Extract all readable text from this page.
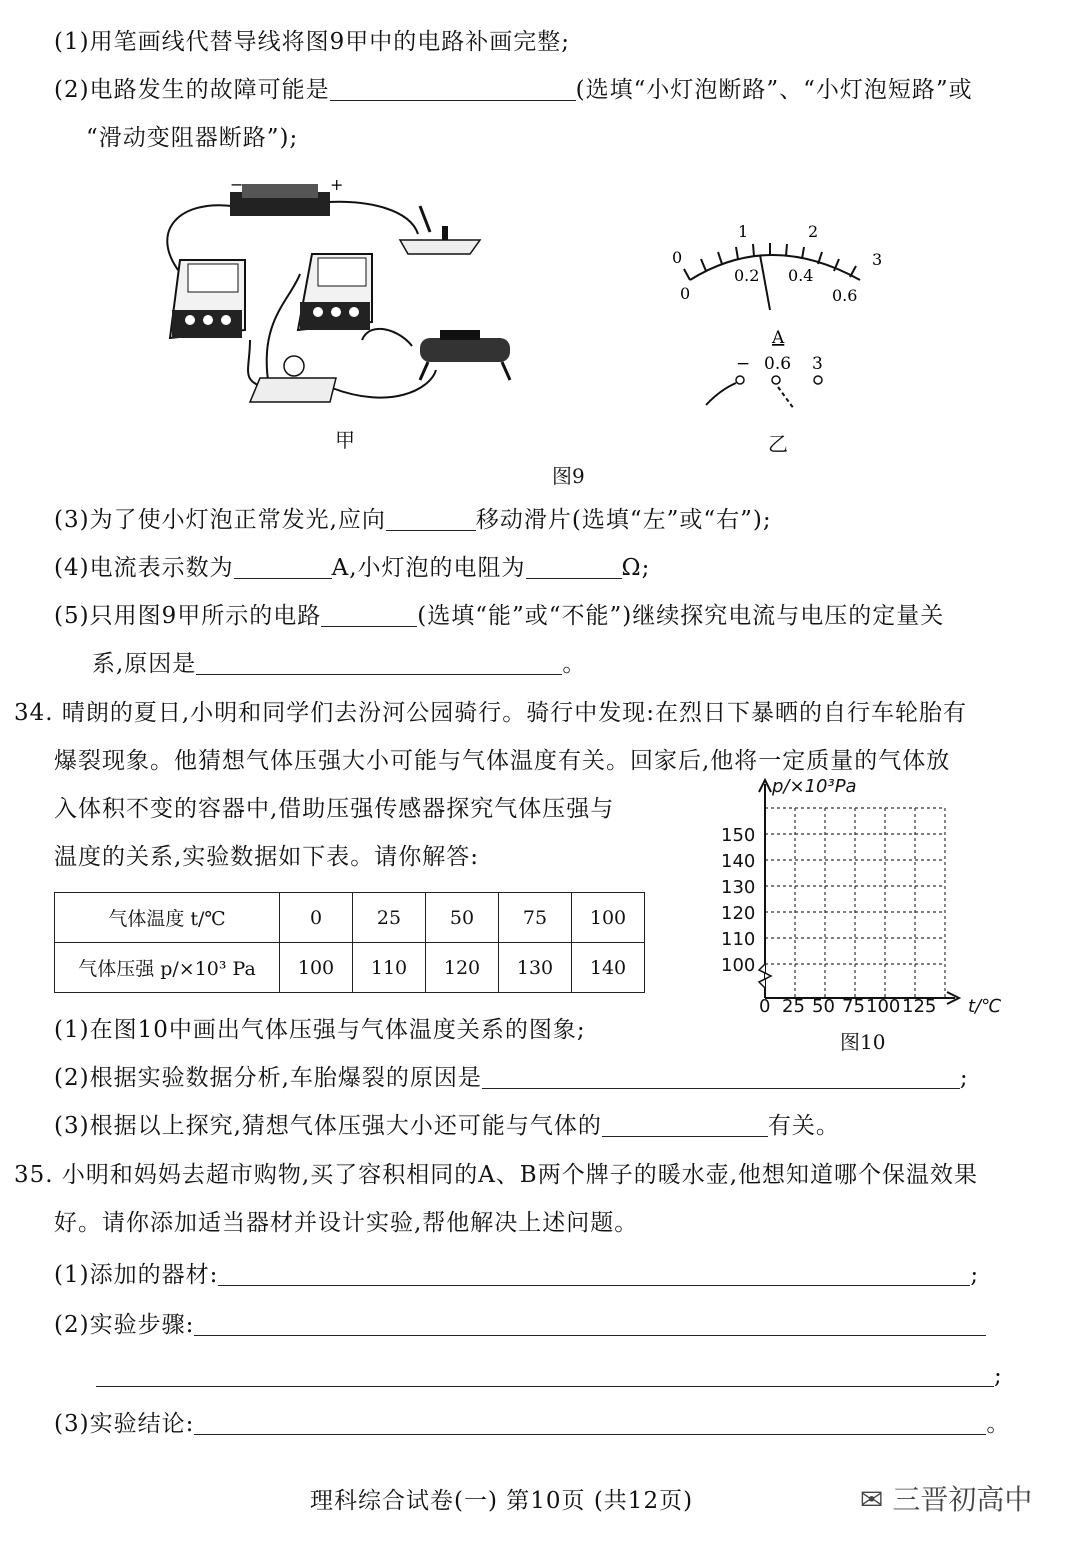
(1)用笔画线代替导线将图9甲中的电路补画完整;
(2)电路发生的故障可能是	(选填“小灯泡断路”、“小灯泡短路”或
“滑动变阻器断路”);
−	+
甲
0
1	2
3
0
0.2 0.4
0.6
A
− 0.6 3
乙
图9
(3)为了使小灯泡正常发光,应向	移动滑片(选填“左”或“右”);
(4)电流表示数为	A,小灯泡的电阻为	Ω;
(5)只用图9甲所示的电路	(选填“能”或“不能”)继续探究电流与电压的定量关
系,原因是	。
34. 晴朗的夏日,小明和同学们去汾河公园骑行。骑行中发现:在烈日下暴晒的自行车轮胎有
爆裂现象。他猜想气体压强大小可能与气体温度有关。回家后,他将一定质量的气体放
入体积不变的容器中,借助压强传感器探究气体压强与
温度的关系,实验数据如下表。请你解答:
气体温度 t/℃	0	25	50	75	100
气体压强 p/×10³ Pa	100	110	120	130	140
p/×10³Pa
150
140
130
120
110
100
0 25 50 75 100 125 t/℃
图10
(1)在图10中画出气体压强与气体温度关系的图象;
(2)根据实验数据分析,车胎爆裂的原因是	;
(3)根据以上探究,猜想气体压强大小还可能与气体的	有关。
35. 小明和妈妈去超市购物,买了容积相同的A、B两个牌子的暖水壶,他想知道哪个保温效果
好。请你添加适当器材并设计实验,帮他解决上述问题。
(1)添加的器材:	;
(2)实验步骤:
;
(3)实验结论:	。
理科综合试卷(一) 第10页 (共12页)	✉ 三晋初高中
